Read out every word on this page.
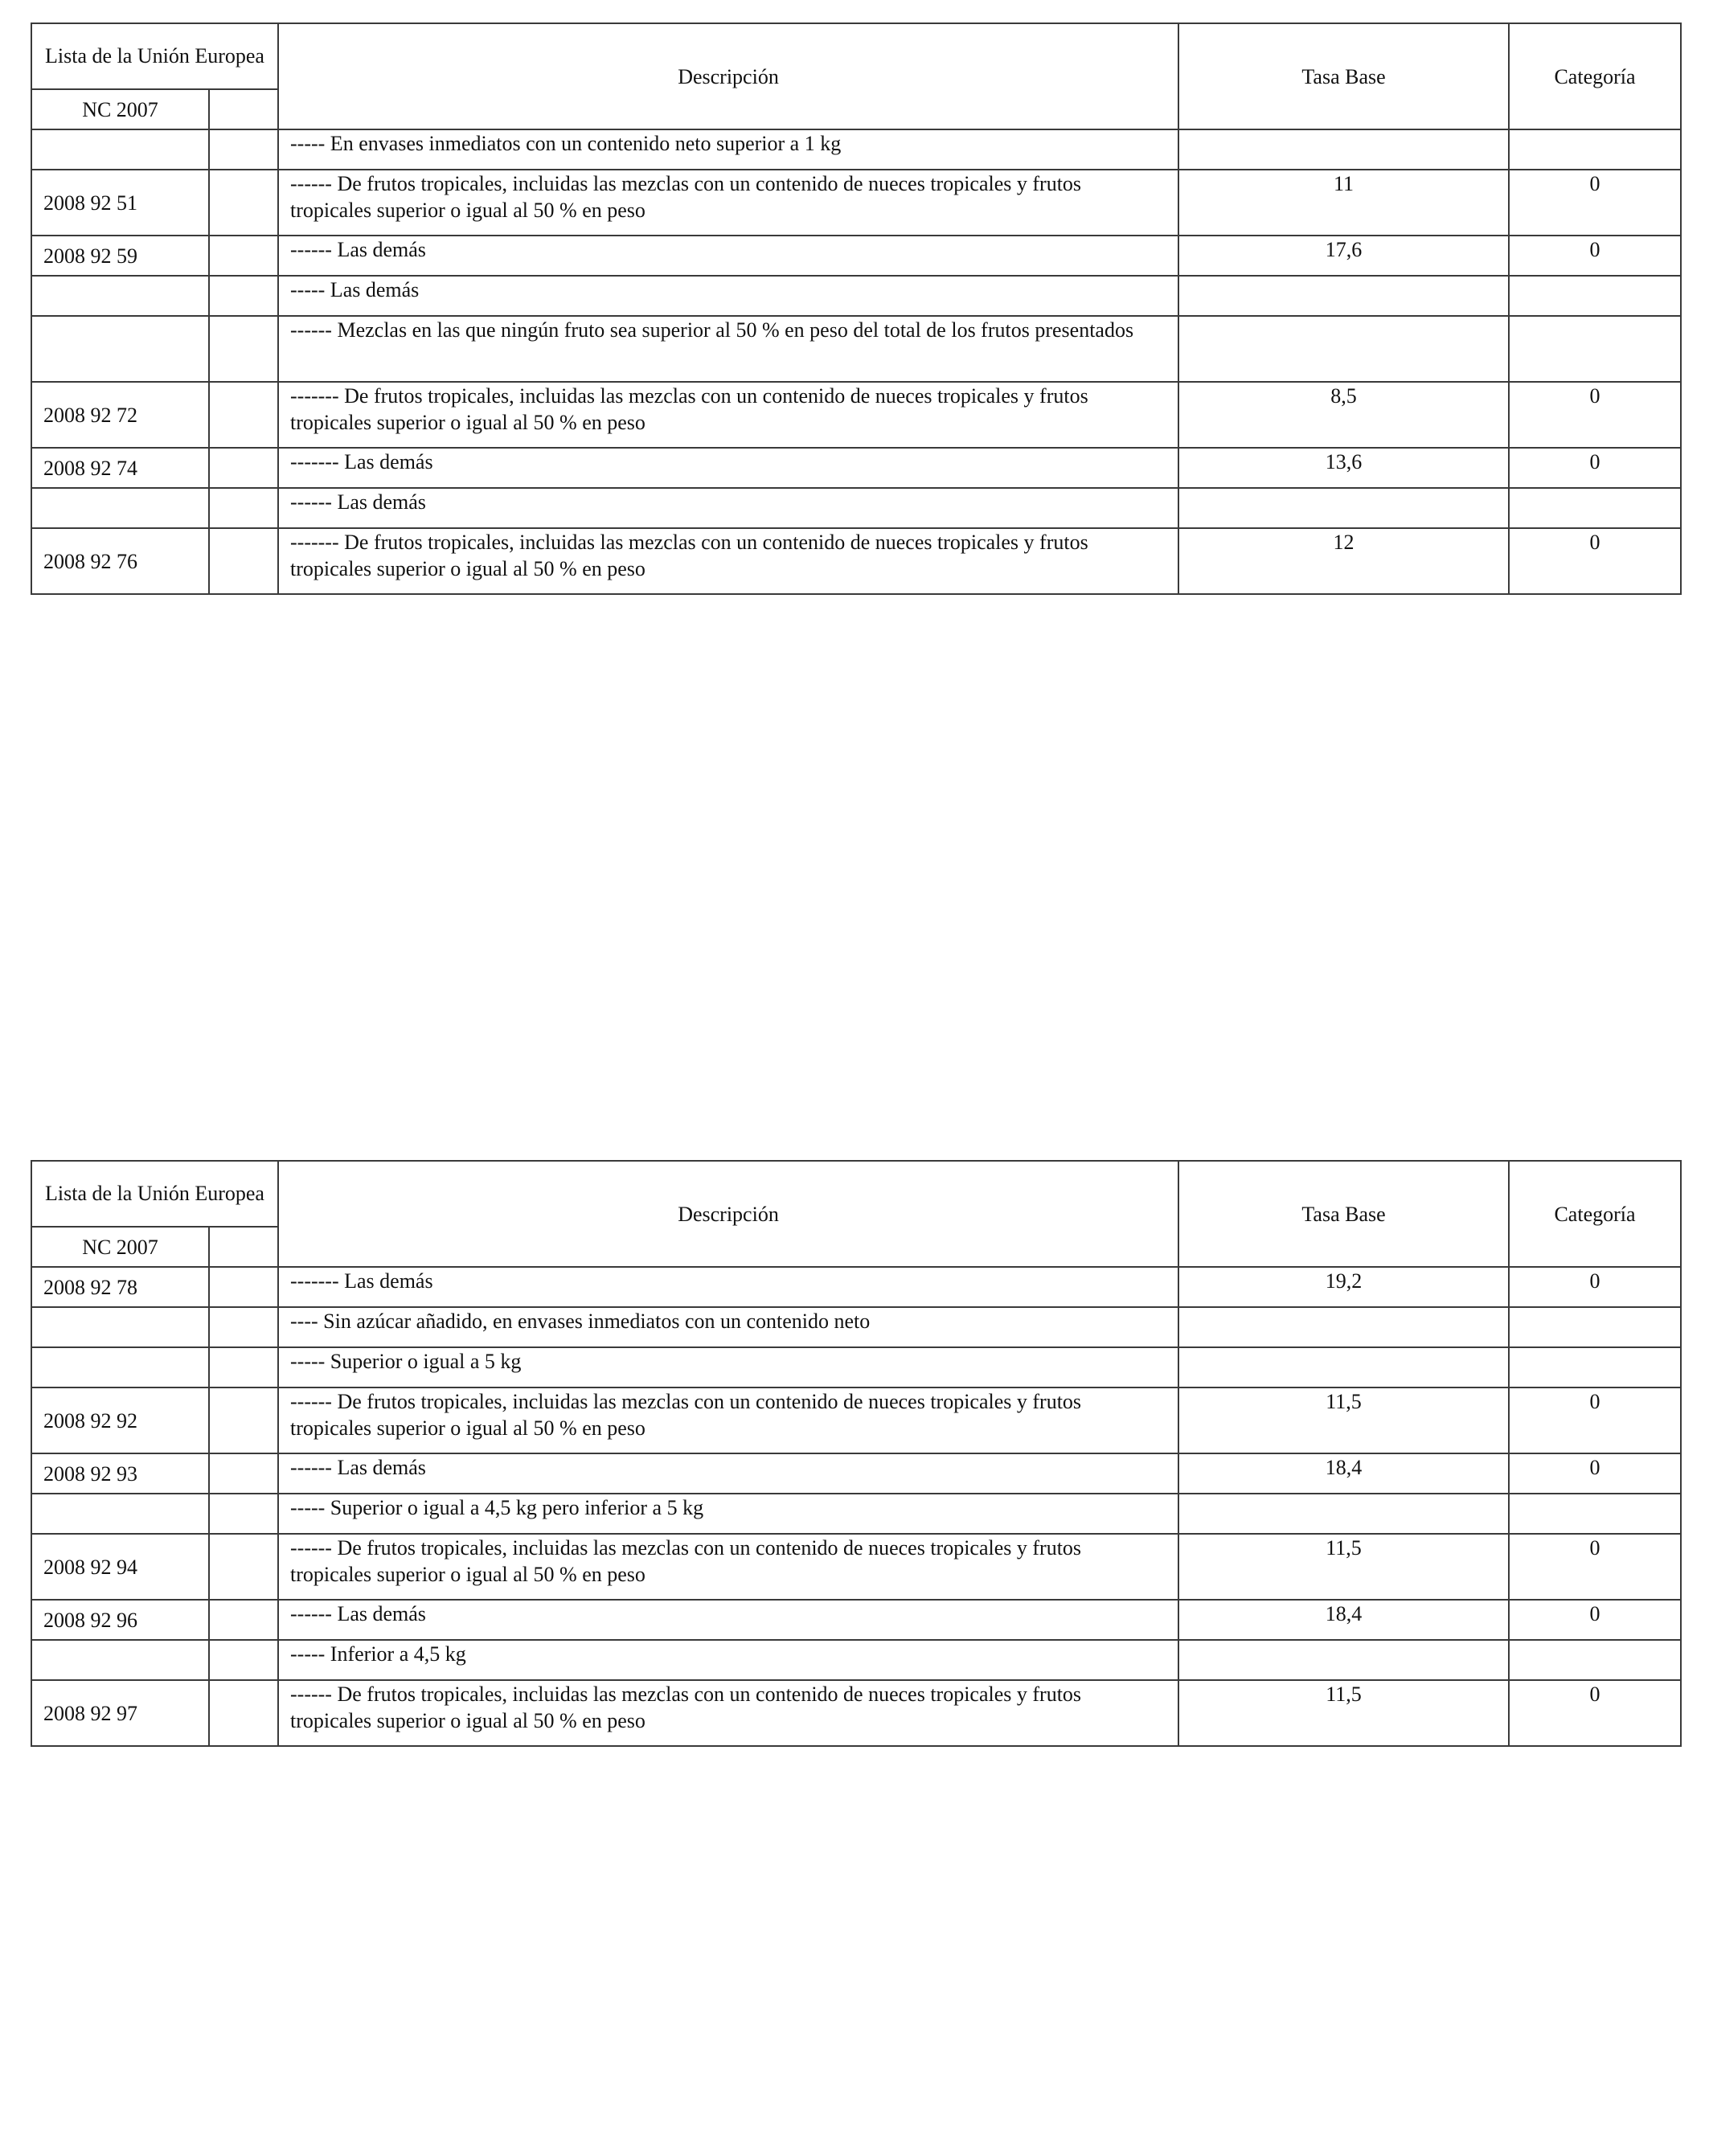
Lista de la Unión Europea		Descripción	Tasa Base	Categoría
NC 2007				
		----- En envases inmediatos con un contenido neto superior a 1 kg		
2008 92 51		------ De frutos tropicales, incluidas las mezclas con un contenido de nueces tropicales y frutos tropicales superior o igual al 50 % en peso	11	0
2008 92 59		------ Las demás	17,6	0
		----- Las demás		
		------ Mezclas en las que ningún fruto sea superior al 50 % en peso del total de los frutos presentados		
2008 92 72		------- De frutos tropicales, incluidas las mezclas con un contenido de nueces tropicales y frutos tropicales superior o igual al 50 % en peso	8,5	0
2008 92 74		------- Las demás	13,6	0
		------ Las demás		
2008 92 76		------- De frutos tropicales, incluidas las mezclas con un contenido de nueces tropicales y frutos tropicales superior o igual al 50 % en peso	12	0
Lista de la Unión Europea		Descripción	Tasa Base	Categoría
NC 2007				
2008 92 78		------- Las demás	19,2	0
		---- Sin azúcar añadido, en envases inmediatos con un contenido neto		
		----- Superior o igual a 5 kg		
2008 92 92		------ De frutos tropicales, incluidas las mezclas con un contenido de nueces tropicales y frutos tropicales superior o igual al 50 % en peso	11,5	0
2008 92 93		------ Las demás	18,4	0
		----- Superior o igual a 4,5 kg pero inferior a 5 kg		
2008 92 94		------ De frutos tropicales, incluidas las mezclas con un contenido de nueces tropicales y frutos tropicales superior o igual al 50 % en peso	11,5	0
2008 92 96		------ Las demás	18,4	0
		----- Inferior a 4,5 kg		
2008 92 97		------ De frutos tropicales, incluidas las mezclas con un contenido de nueces tropicales y frutos tropicales superior o igual al 50 % en peso	11,5	0
